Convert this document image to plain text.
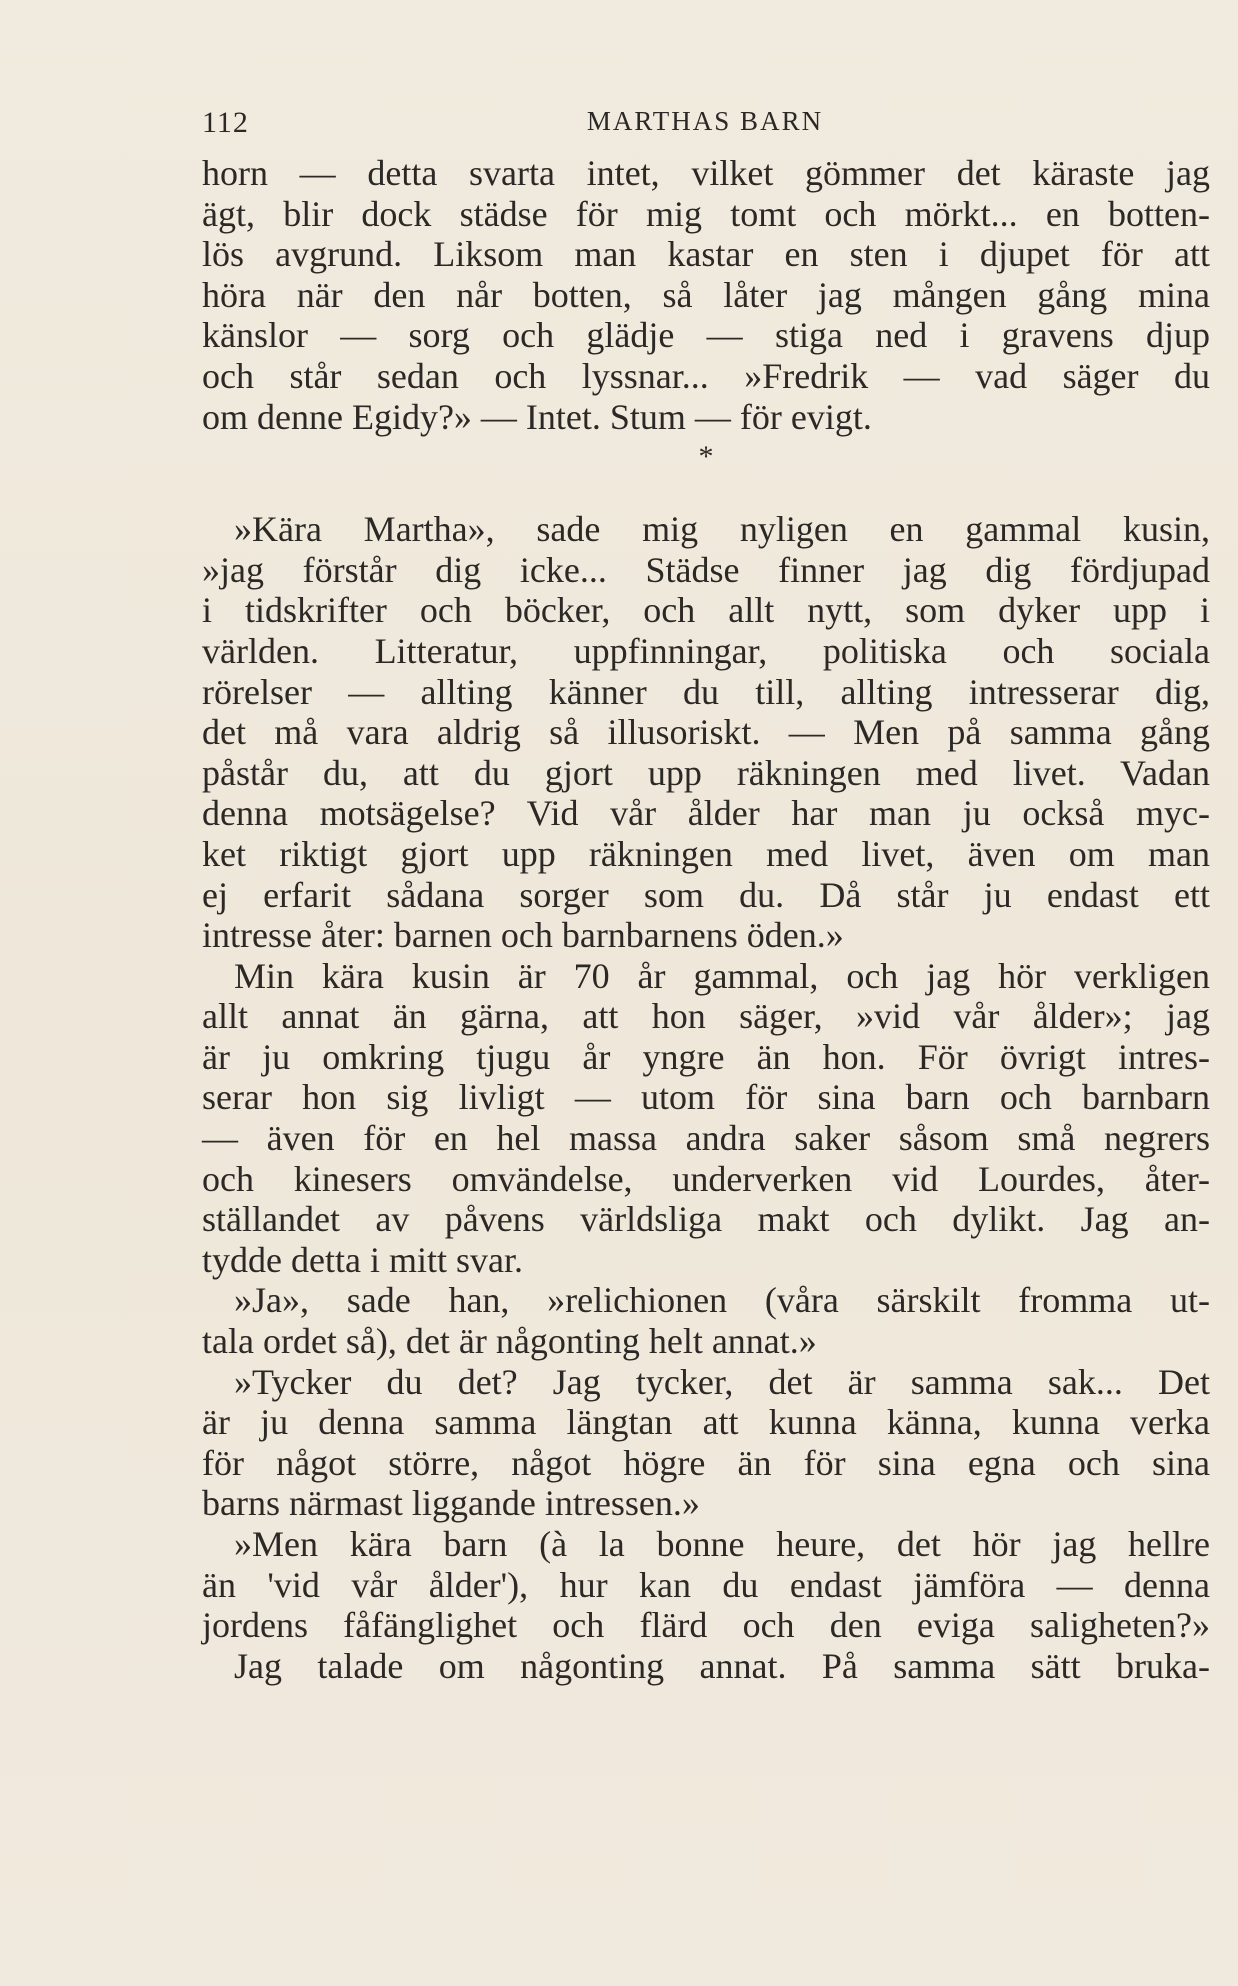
112	MARTHAS BARN
horn — detta svarta intet, vilket gömmer det käraste jag
ägt, blir dock städse för mig tomt och mörkt... en botten-
lös avgrund. Liksom man kastar en sten i djupet för att
höra när den når botten, så låter jag mången gång mina
känslor — sorg och glädje — stiga ned i gravens djup
och står sedan och lyssnar... »Fredrik — vad säger du
om denne Egidy?» — Intet. Stum — för evigt.
*
»Kära Martha», sade mig nyligen en gammal kusin,
»jag förstår dig icke... Städse finner jag dig fördjupad
i tidskrifter och böcker, och allt nytt, som dyker upp i
världen. Litteratur, uppfinningar, politiska och sociala
rörelser — allting känner du till, allting intresserar dig,
det må vara aldrig så illusoriskt. — Men på samma gång
påstår du, att du gjort upp räkningen med livet. Vadan
denna motsägelse? Vid vår ålder har man ju också myc-
ket riktigt gjort upp räkningen med livet, även om man
ej erfarit sådana sorger som du. Då står ju endast ett
intresse åter: barnen och barnbarnens öden.»
Min kära kusin är 70 år gammal, och jag hör verkligen
allt annat än gärna, att hon säger, »vid vår ålder»; jag
är ju omkring tjugu år yngre än hon. För övrigt intres-
serar hon sig livligt — utom för sina barn och barnbarn
— även för en hel massa andra saker såsom små negrers
och kinesers omvändelse, underverken vid Lourdes, åter-
ställandet av påvens världsliga makt och dylikt. Jag an-
tydde detta i mitt svar.
»Ja», sade han, »relichionen (våra särskilt fromma ut-
tala ordet så), det är någonting helt annat.»
»Tycker du det? Jag tycker, det är samma sak... Det
är ju denna samma längtan att kunna känna, kunna verka
för något större, något högre än för sina egna och sina
barns närmast liggande intressen.»
»Men kära barn (à la bonne heure, det hör jag hellre
än 'vid vår ålder'), hur kan du endast jämföra — denna
jordens fåfänglighet och flärd och den eviga saligheten?»
Jag talade om någonting annat. På samma sätt bruka-
